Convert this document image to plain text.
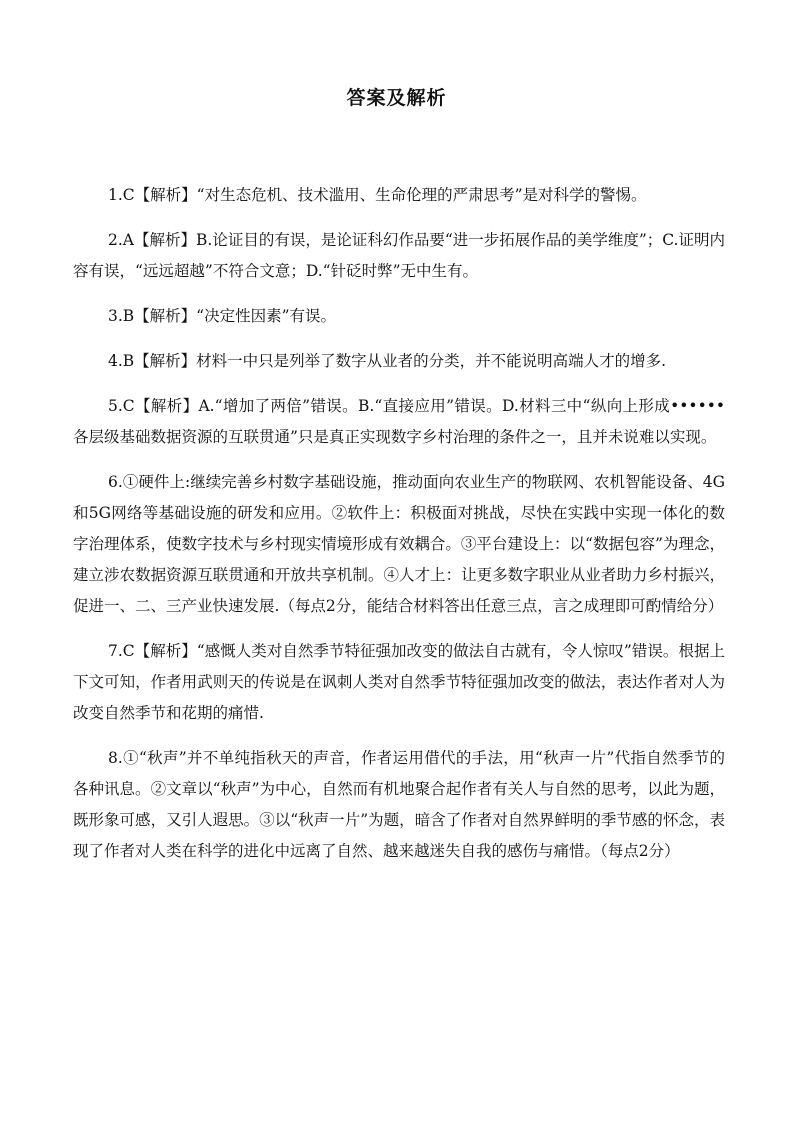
答案及解析

1.C【解析】“对生态危机、技术滥用、生命伦理的严肃思考”是对科学的警惕。

2.A【解析】B.论证目的有误，是论证科幻作品要“进一步拓展作品的美学维度”；C.证明内容有误，“远远超越”不符合文意；D.“针砭时弊”无中生有。

3.B【解析】“决定性因素”有误。

4.B【解析】材料一中只是列举了数字从业者的分类，并不能说明高端人才的增多.

5.C【解析】A.“增加了两倍”错误。B.“直接应用”错误。D.材料三中“纵向上形成••••••各层级基础数据资源的互联贯通”只是真正实现数字乡村治理的条件之一，且并未说难以实现。

6.①硬件上:继续完善乡村数字基础设施，推动面向农业生产的物联网、农机智能设备、4G和5G网络等基础设施的研发和应用。②软件上：积极面对挑战，尽快在实践中实现一体化的数字治理体系，使数字技术与乡村现实情境形成有效耦合。③平台建设上：以“数据包容”为理念，建立涉农数据资源互联贯通和开放共享机制。④人才上：让更多数字职业从业者助力乡村振兴，促进一、二、三产业快速发展.（每点2分，能结合材料答出任意三点，言之成理即可酌情给分）

7.C【解析】“感慨人类对自然季节特征强加改变的做法自古就有，令人惊叹”错误。根据上下文可知，作者用武则天的传说是在讽刺人类对自然季节特征强加改变的做法，表达作者对人为改变自然季节和花期的痛惜.

8.①“秋声”并不单纯指秋天的声音，作者运用借代的手法，用“秋声一片”代指自然季节的各种讯息。②文章以“秋声”为中心，自然而有机地聚合起作者有关人与自然的思考，以此为题，既形象可感，又引人遐思。③以“秋声一片”为题，暗含了作者对自然界鲜明的季节感的怀念，表现了作者对人类在科学的进化中远离了自然、越来越迷失自我的感伤与痛惜。（每点2分）
